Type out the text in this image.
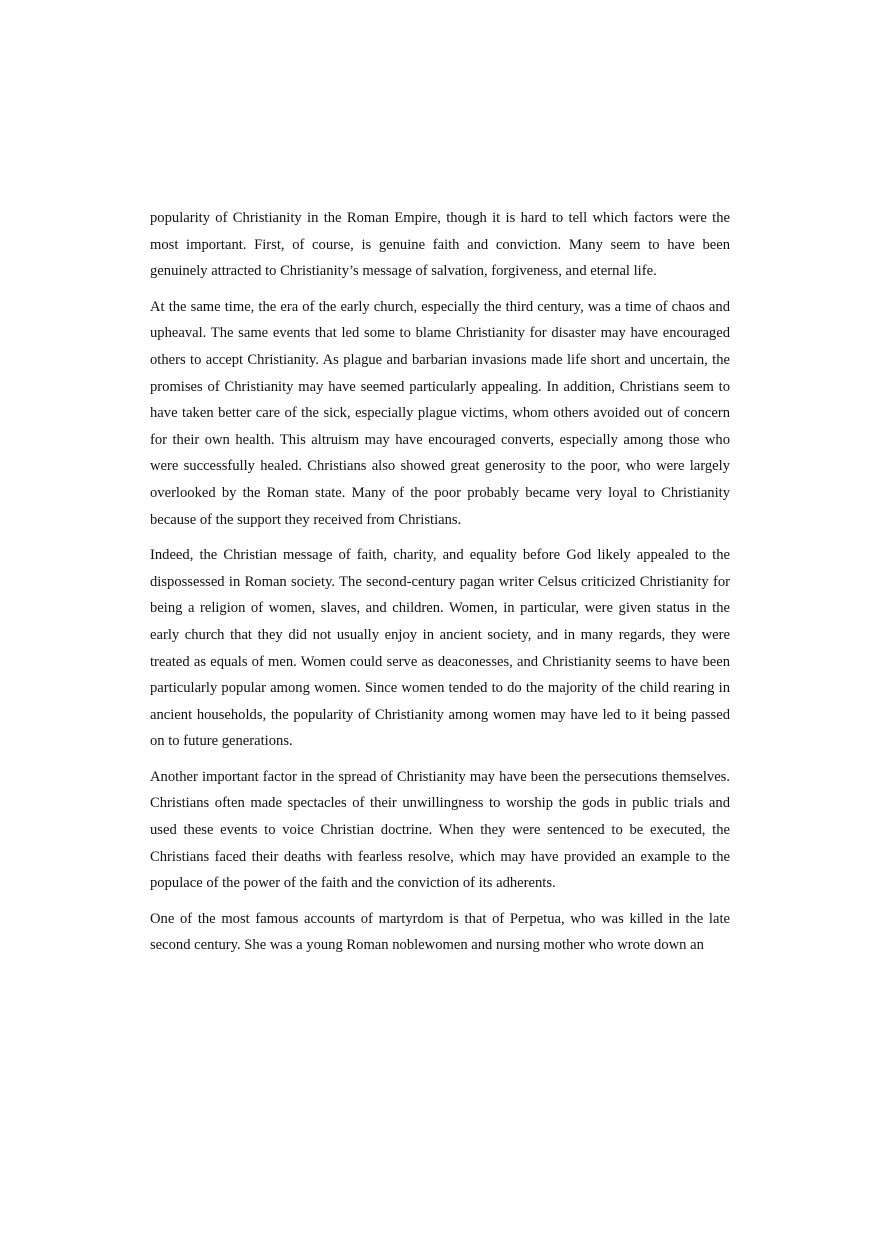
popularity of Christianity in the Roman Empire, though it is hard to tell which factors were the most important. First, of course, is genuine faith and conviction. Many seem to have been genuinely attracted to Christianity’s message of salvation, forgiveness, and eternal life.

At the same time, the era of the early church, especially the third century, was a time of chaos and upheaval. The same events that led some to blame Christianity for disaster may have encouraged others to accept Christianity. As plague and barbarian invasions made life short and uncertain, the promises of Christianity may have seemed particularly appealing. In addition, Christians seem to have taken better care of the sick, especially plague victims, whom others avoided out of concern for their own health. This altruism may have encouraged converts, especially among those who were successfully healed. Christians also showed great generosity to the poor, who were largely overlooked by the Roman state. Many of the poor probably became very loyal to Christianity because of the support they received from Christians.

Indeed, the Christian message of faith, charity, and equality before God likely appealed to the dispossessed in Roman society. The second-century pagan writer Celsus criticized Christianity for being a religion of women, slaves, and children. Women, in particular, were given status in the early church that they did not usually enjoy in ancient society, and in many regards, they were treated as equals of men. Women could serve as deaconesses, and Christianity seems to have been particularly popular among women. Since women tended to do the majority of the child rearing in ancient households, the popularity of Christianity among women may have led to it being passed on to future generations.

Another important factor in the spread of Christianity may have been the persecutions themselves. Christians often made spectacles of their unwillingness to worship the gods in public trials and used these events to voice Christian doctrine. When they were sentenced to be executed, the Christians faced their deaths with fearless resolve, which may have provided an example to the populace of the power of the faith and the conviction of its adherents.

One of the most famous accounts of martyrdom is that of Perpetua, who was killed in the late second century. She was a young Roman noblewomen and nursing mother who wrote down an
